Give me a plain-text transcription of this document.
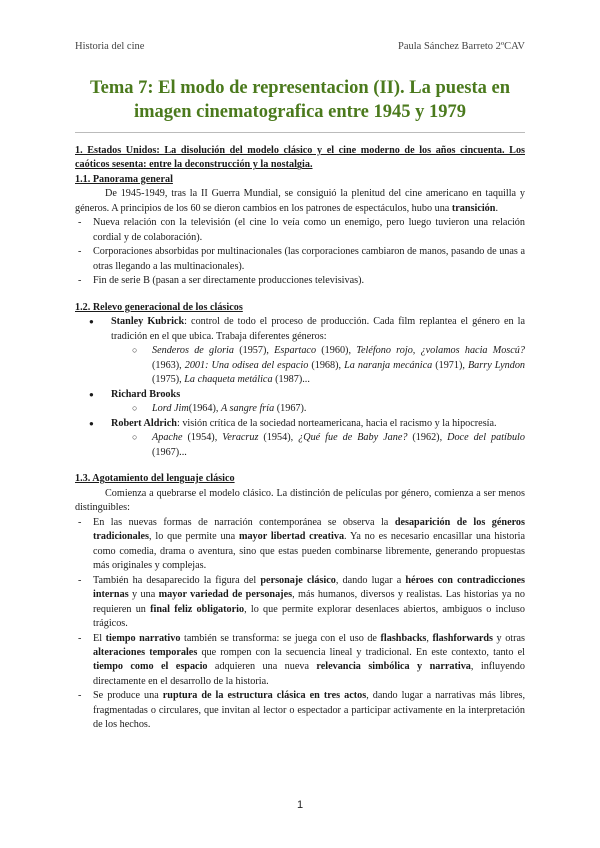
Historia del cine	Paula Sánchez Barreto 2ºCAV
Tema 7: El modo de representacion (II). La puesta en imagen cinematografica entre 1945 y 1979

1. Estados Unidos: La disolución del modelo clásico y el cine moderno de los años cincuenta. Los caóticos sesenta: entre la deconstrucción y la nostalgia.

1.1. Panorama general

De 1945-1949, tras la II Guerra Mundial, se consiguió la plenitud del cine americano en taquilla y géneros. A principios de los 60 se dieron cambios en los patrones de espectáculos, hubo una transición.

- Nueva relación con la televisión (el cine lo veía como un enemigo, pero luego tuvieron una relación cordial y de colaboración).

- Corporaciones absorbidas por multinacionales (las corporaciones cambiaron de manos, pasando de unas a otras llegando a las multinacionales).

- Fin de serie B (pasan a ser directamente producciones televisivas).

1.2. Relevo generacional de los clásicos

● Stanley Kubrick: control de todo el proceso de producción. Cada film replantea el género en la tradición en el que ubica. Trabaja diferentes géneros:

○ Senderos de gloria (1957), Espartaco (1960), Teléfono rojo, ¿volamos hacia Moscú? (1963), 2001: Una odisea del espacio (1968), La naranja mecánica (1971), Barry Lyndon (1975), La chaqueta metálica (1987)...

● Richard Brooks

○ Lord Jim(1964), A sangre fría (1967).

● Robert Aldrich: visión crítica de la sociedad norteamericana, hacia el racismo y la hipocresía.

○ Apache (1954), Veracruz (1954), ¿Qué fue de Baby Jane? (1962), Doce del patíbulo (1967)...

1.3. Agotamiento del lenguaje clásico

Comienza a quebrarse el modelo clásico. La distinción de películas por género, comienza a ser menos distinguibles:

- En las nuevas formas de narración contemporánea se observa la desaparición de los géneros tradicionales, lo que permite una mayor libertad creativa. Ya no es necesario encasillar una historia como comedia, drama o aventura, sino que estas pueden combinarse libremente, generando propuestas más originales y complejas.

- También ha desaparecido la figura del personaje clásico, dando lugar a héroes con contradicciones internas y una mayor variedad de personajes, más humanos, diversos y realistas. Las historias ya no requieren un final feliz obligatorio, lo que permite explorar desenlaces abiertos, ambiguos o incluso trágicos.

- El tiempo narrativo también se transforma: se juega con el uso de flashbacks, flashforwards y otras alteraciones temporales que rompen con la secuencia lineal y tradicional. En este contexto, tanto el tiempo como el espacio adquieren una nueva relevancia simbólica y narrativa, influyendo directamente en el desarrollo de la historia.

- Se produce una ruptura de la estructura clásica en tres actos, dando lugar a narrativas más libres, fragmentadas o circulares, que invitan al lector o espectador a participar activamente en la interpretación de los hechos.

1
